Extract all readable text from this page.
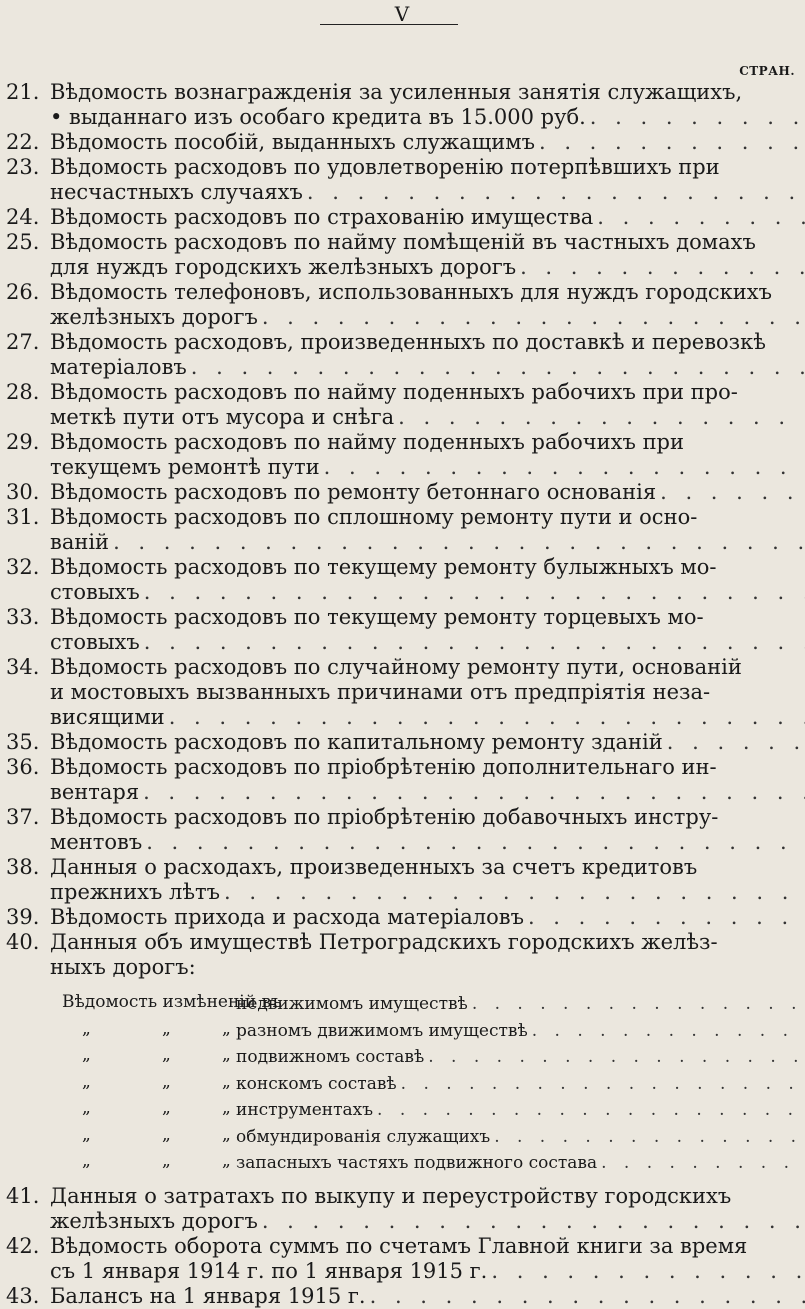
V
СТРАН.
21. Вѣдомость вознагражденія за усиленныя занятія служащихъ,
• выданнаго изъ особаго кредита въ 15.000 руб.
. . .
22. Вѣдомость пособій, выданныхъ служащимъ
. . .
23. Вѣдомость расходовъ по удовлетворенію потерпѣвшихъ при
несчастныхъ случаяхъ
. . .
24. Вѣдомость расходовъ по страхованію имущества
. . .
25. Вѣдомость расходовъ по найму помѣщеній въ частныхъ домахъ
для нуждъ городскихъ желѣзныхъ дорогъ
. . .
26. Вѣдомость телефоновъ, использованныхъ для нуждъ городскихъ
желѣзныхъ дорогъ
. . .
27. Вѣдомость расходовъ, произведенныхъ по доставкѣ и перевозкѣ
матеріаловъ
. . .
28. Вѣдомость расходовъ по найму поденныхъ рабочихъ при про-
меткѣ пути отъ мусора и снѣга
. . .
29. Вѣдомость расходовъ по найму поденныхъ рабочихъ при
текущемъ ремонтѣ пути
. . .
30. Вѣдомость расходовъ по ремонту бетоннаго основанія
. . .
31. Вѣдомость расходовъ по сплошному ремонту пути и осно-
ваній
. . .
32. Вѣдомость расходовъ по текущему ремонту булыжныхъ мо-
стовыхъ
. . .
33. Вѣдомость расходовъ по текущему ремонту торцевыхъ мо-
стовыхъ
. . .
34. Вѣдомость расходовъ по случайному ремонту пути, основаній
и мостовыхъ вызванныхъ причинами отъ предпріятія неза-
висящими
. . .
35. Вѣдомость расходовъ по капитальному ремонту зданій
. . .
36. Вѣдомость расходовъ по пріобрѣтенію дополнительнаго ин-
вентаря
. . .
37. Вѣдомость расходовъ по пріобрѣтенію добавочныхъ инстру-
ментовъ
. . .
38. Данныя о расходахъ, произведенныхъ за счетъ кредитовъ
прежнихъ лѣтъ
. . .
39. Вѣдомость прихода и расхода матеріаловъ
. . .
40. Данныя объ имуществѣ Петроградскихъ городскихъ желѣз-
ныхъ дорогъ:
Вѣдомость измѣненій въ
недвижимомъ имуществѣ
. . .
„	„	„ разномъ движимомъ имуществѣ
. . .
„	„	„ подвижномъ составѣ
. . .
„	„	„ конскомъ составѣ
. . .
„	„	„ инструментахъ
. . .
„	„	„ обмундированія служащихъ
. . .
„	„	„ запасныхъ частяхъ подвижного состава
. . .
41. Данныя о затратахъ по выкупу и переустройству городскихъ
желѣзныхъ дорогъ
. . .
42. Вѣдомость оборота суммъ по счетамъ Главной книги за время
съ 1 января 1914 г. по 1 января 1915 г.
. . .
43. Балансъ на 1 января 1915 г.
. . .
